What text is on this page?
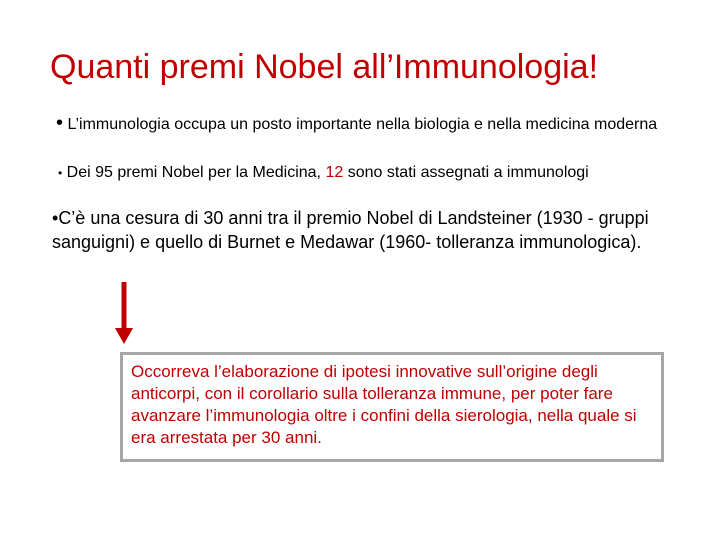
Quanti premi Nobel all’Immunologia!
• L’immunologia occupa un posto importante nella biologia e nella medicina moderna
• Dei 95 premi Nobel per la Medicina, 12 sono stati assegnati a immunologi
•C’è una cesura di 30 anni tra il premio Nobel di Landsteiner (1930 - gruppi sanguigni) e quello di Burnet e Medawar (1960- tolleranza immunologica).
Occorreva l’elaborazione di ipotesi innovative sull’origine degli anticorpi, con il corollario sulla tolleranza immune, per poter fare avanzare l’immunologia oltre i confini della sierologia, nella quale si era arrestata per 30 anni.
